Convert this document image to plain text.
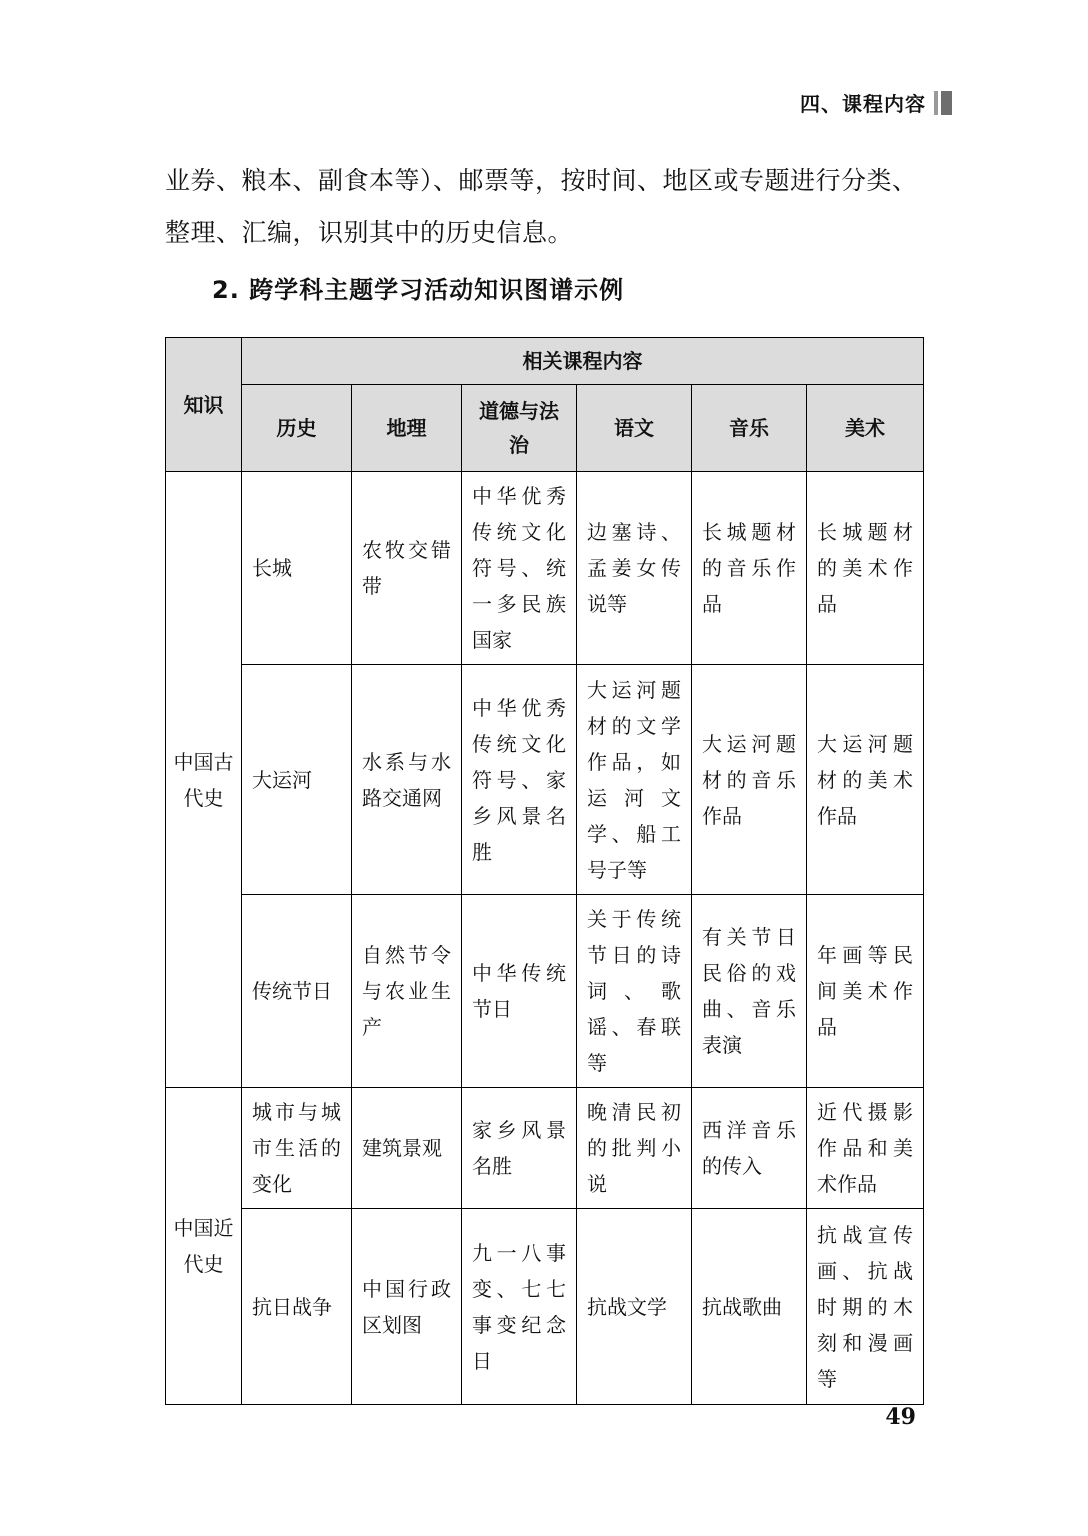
四、课程内容

业券、粮本、副食本等）、邮票等，按时间、地区或专题进行分类、

整理、汇编，识别其中的历史信息。

2. 跨学科主题学习活动知识图谱示例
知识	相关课程内容					
	历史	地理	道德与法治	语文	音乐	美术
中国古代史	长城	农牧交错带	中华优秀传统文化符号、统一多民族国家	边塞诗、孟姜女传说等	长城题材的音乐作品	长城题材的美术作品
	大运河	水系与水路交通网	中华优秀传统文化符号、家乡风景名胜	大运河题材的文学作品，如运河文学、船工号子等	大运河题材的音乐作品	大运河题材的美术作品
	传统节日	自然节令与农业生产	中华传统节日	关于传统节日的诗词、歌谣、春联等	有关节日民俗的戏曲、音乐表演	年画等民间美术作品
中国近代史	城市与城市生活的变化	建筑景观	家乡风景名胜	晚清民初的批判小说	西洋音乐的传入	近代摄影作品和美术作品
	抗日战争	中国行政区划图	九一八事变、七七事变纪念日	抗战文学	抗战歌曲	抗战宣传画、抗战时期的木刻和漫画等
49
